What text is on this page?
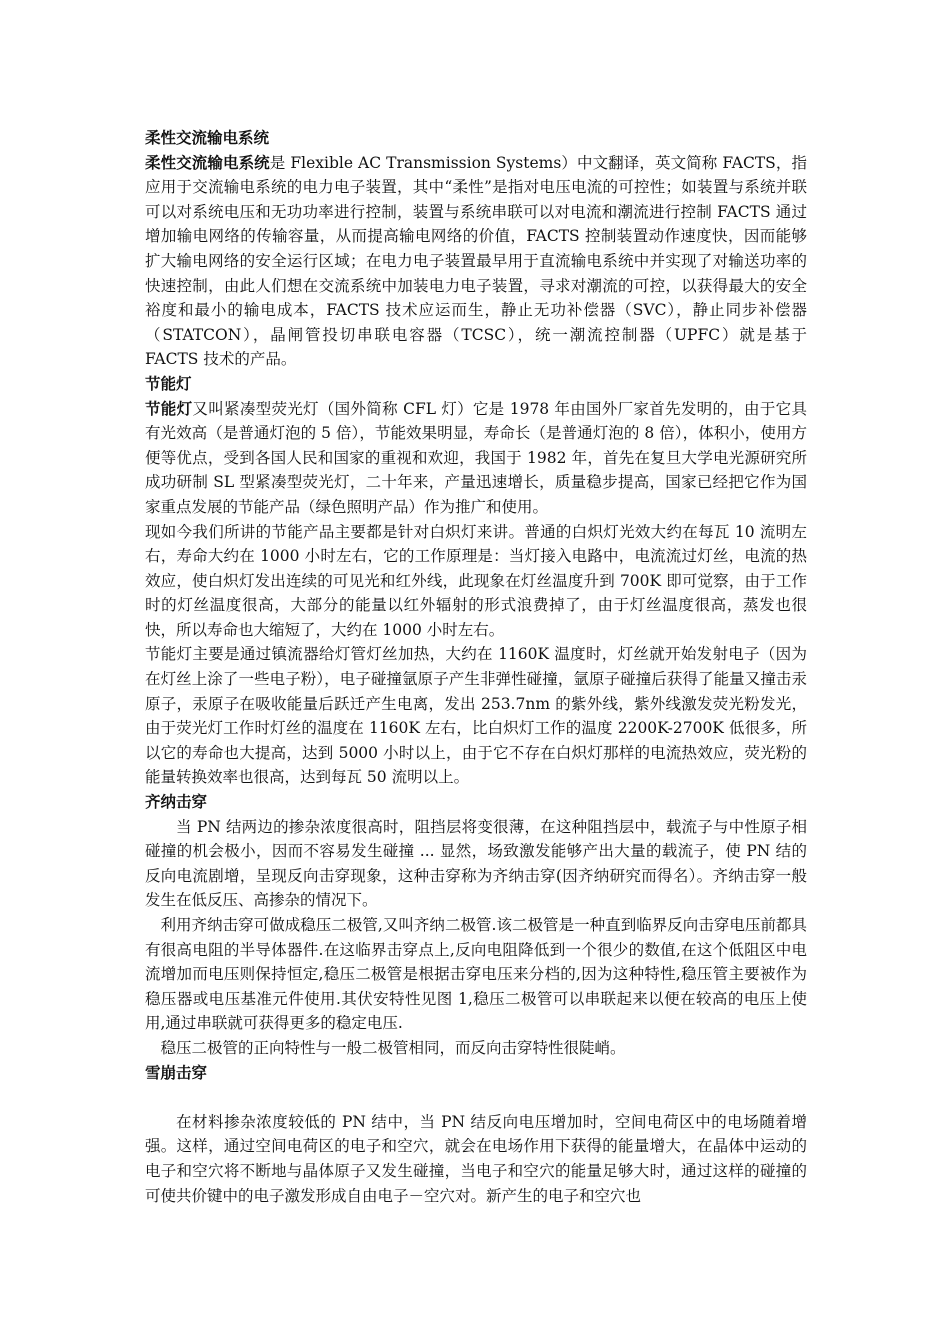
柔性交流输电系统

柔性交流输电系统是 Flexible AC Transmission Systems）中文翻译，英文简称 FACTS，指应用于交流输电系统的电力电子装置，其中“柔性”是指对电压电流的可控性；如装置与系统并联可以对系统电压和无功功率进行控制，装置与系统串联可以对电流和潮流进行控制 FACTS 通过增加输电网络的传输容量，从而提高输电网络的价值，FACTS 控制装置动作速度快，因而能够扩大输电网络的安全运行区域；在电力电子装置最早用于直流输电系统中并实现了对输送功率的快速控制，由此人们想在交流系统中加装电力电子装置，寻求对潮流的可控，以获得最大的安全裕度和最小的输电成本，FACTS 技术应运而生，静止无功补偿器（SVC），静止同步补偿器（STATCON），晶闸管投切串联电容器（TCSC），统一潮流控制器（UPFC）就是基于 FACTS 技术的产品。

节能灯

节能灯又叫紧凑型荧光灯（国外简称 CFL 灯）它是 1978 年由国外厂家首先发明的，由于它具有光效高（是普通灯泡的 5 倍），节能效果明显，寿命长（是普通灯泡的 8 倍），体积小，使用方便等优点，受到各国人民和国家的重视和欢迎，我国于 1982 年，首先在复旦大学电光源研究所成功研制 SL 型紧凑型荧光灯，二十年来，产量迅速增长，质量稳步提高，国家已经把它作为国家重点发展的节能产品（绿色照明产品）作为推广和使用。

现如今我们所讲的节能产品主要都是针对白炽灯来讲。普通的白炽灯光效大约在每瓦 10 流明左右，寿命大约在 1000 小时左右，它的工作原理是：当灯接入电路中，电流流过灯丝，电流的热效应，使白炽灯发出连续的可见光和红外线，此现象在灯丝温度升到 700K 即可觉察，由于工作时的灯丝温度很高，大部分的能量以红外辐射的形式浪费掉了，由于灯丝温度很高，蒸发也很快，所以寿命也大缩短了，大约在 1000 小时左右。

节能灯主要是通过镇流器给灯管灯丝加热，大约在 1160K 温度时，灯丝就开始发射电子（因为在灯丝上涂了一些电子粉），电子碰撞氩原子产生非弹性碰撞，氩原子碰撞后获得了能量又撞击汞原子，汞原子在吸收能量后跃迁产生电离，发出 253.7nm 的紫外线，紫外线激发荧光粉发光，由于荧光灯工作时灯丝的温度在 1160K 左右，比白炽灯工作的温度 2200K-2700K 低很多，所以它的寿命也大提高，达到 5000 小时以上，由于它不存在白炽灯那样的电流热效应，荧光粉的能量转换效率也很高，达到每瓦 50 流明以上。

齐纳击穿

当 PN 结两边的掺杂浓度很高时，阻挡层将变很薄，在这种阻挡层中，载流子与中性原子相碰撞的机会极小，因而不容易发生碰撞 ... 显然，场致激发能够产出大量的载流子，使 PN 结的反向电流剧增，呈现反向击穿现象，这种击穿称为齐纳击穿(因齐纳研究而得名）。齐纳击穿一般发生在低反压、高掺杂的情况下。

利用齐纳击穿可做成稳压二极管,又叫齐纳二极管.该二极管是一种直到临界反向击穿电压前都具有很高电阻的半导体器件.在这临界击穿点上,反向电阻降低到一个很少的数值,在这个低阻区中电流增加而电压则保持恒定,稳压二极管是根据击穿电压来分档的,因为这种特性,稳压管主要被作为稳压器或电压基准元件使用.其伏安特性见图 1,稳压二极管可以串联起来以便在较高的电压上使用,通过串联就可获得更多的稳定电压.

稳压二极管的正向特性与一般二极管相同，而反向击穿特性很陡峭。

雪崩击穿

在材料掺杂浓度较低的 PN 结中，当 PN 结反向电压增加时，空间电荷区中的电场随着增强。这样，通过空间电荷区的电子和空穴，就会在电场作用下获得的能量增大，在晶体中运动的电子和空穴将不断地与晶体原子又发生碰撞，当电子和空穴的能量足够大时，通过这样的碰撞的可使共价键中的电子激发形成自由电子－空穴对。新产生的电子和空穴也
